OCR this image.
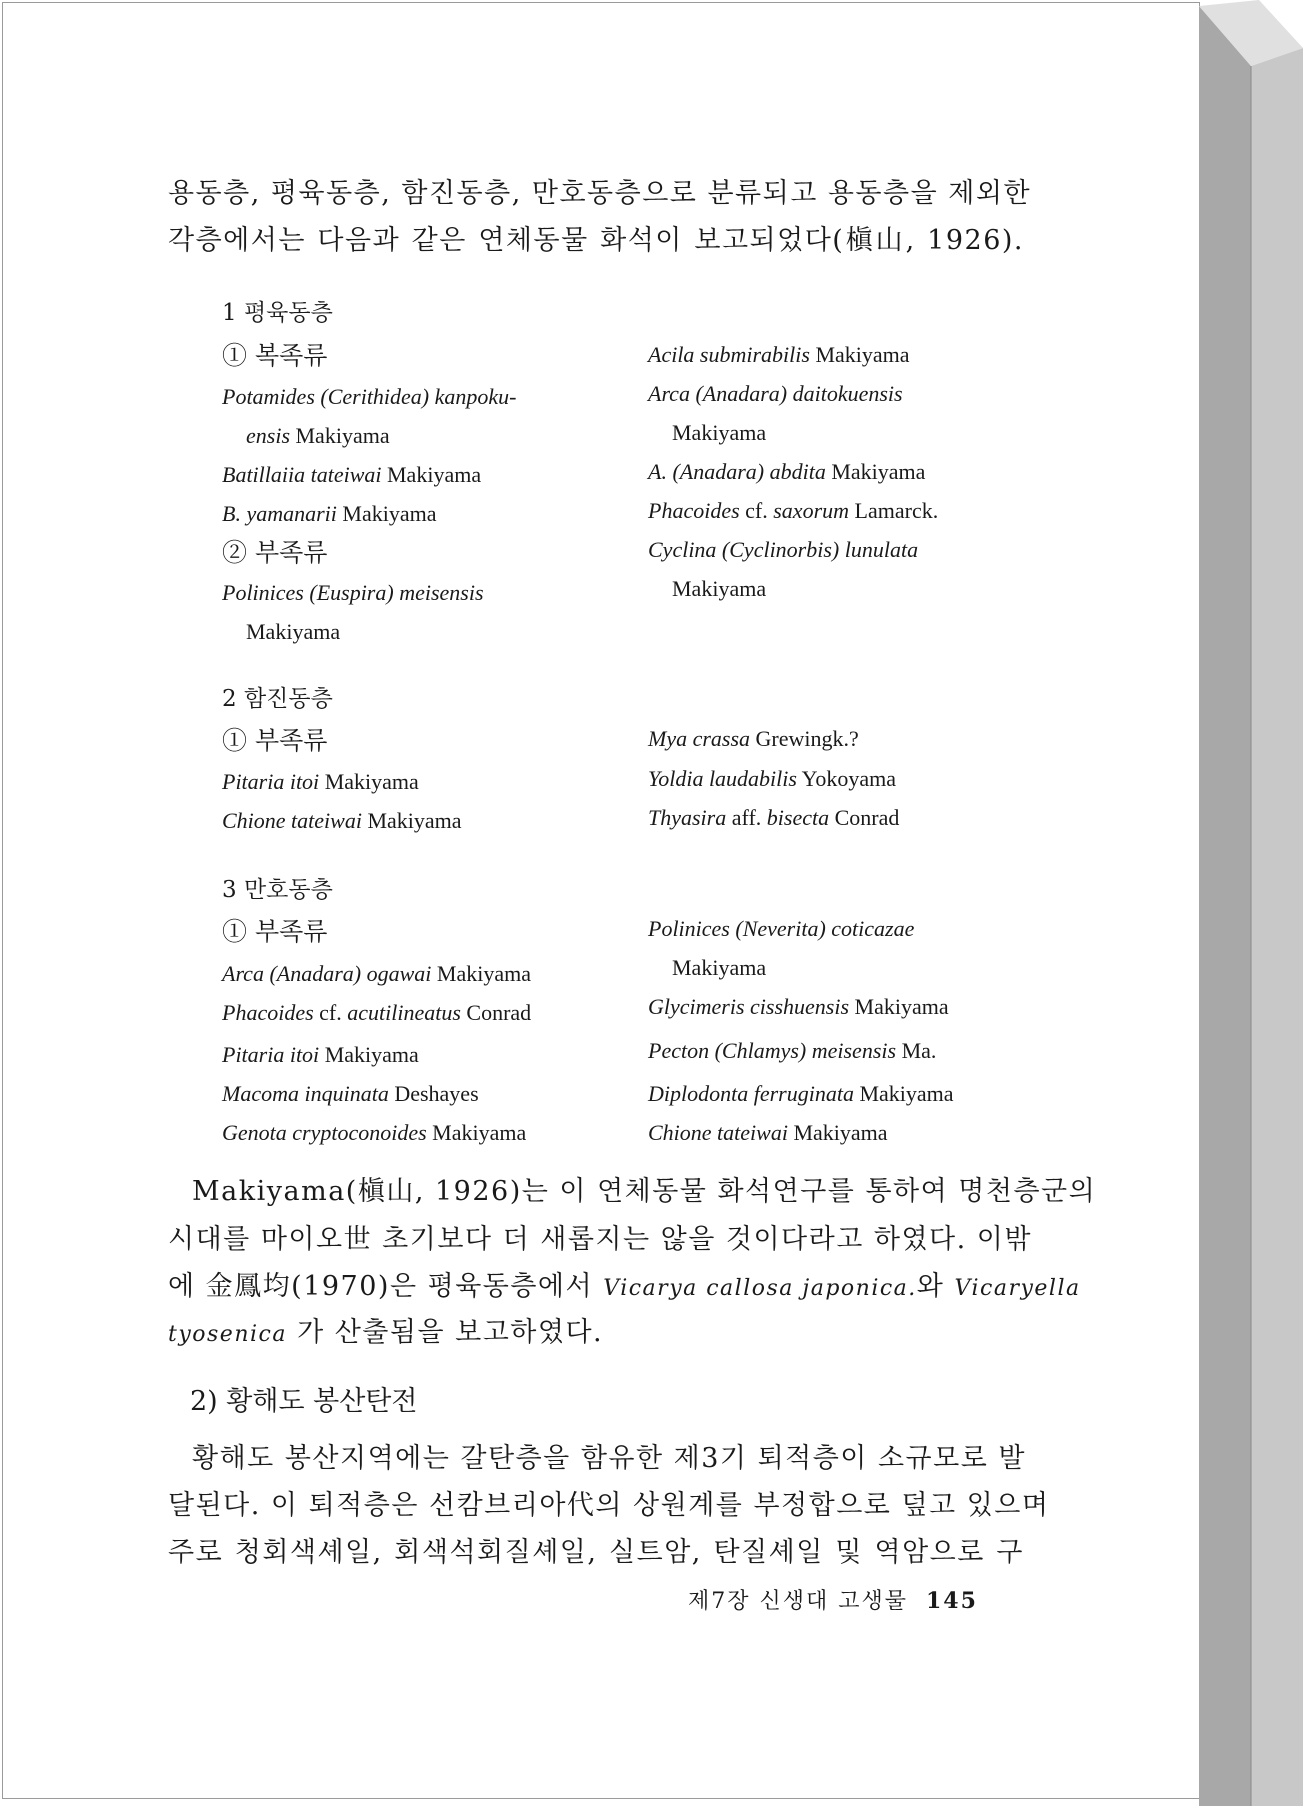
용동층, 평육동층, 함진동층, 만호동층으로 분류되고 용동층을 제외한
각층에서는 다음과 같은 연체동물 화석이 보고되었다(槇山, 1926).
1 평육동층
① 복족류
Potamides (Cerithidea) kanpoku-
ensis Makiyama
Batillaiia tateiwai Makiyama
B. yamanarii Makiyama
② 부족류
Polinices (Euspira) meisensis
Makiyama
Acila submirabilis Makiyama
Arca (Anadara) daitokuensis
Makiyama
A. (Anadara) abdita Makiyama
Phacoides cf. saxorum Lamarck.
Cyclina (Cyclinorbis) lunulata
Makiyama
2 함진동층
① 부족류
Pitaria itoi Makiyama
Chione tateiwai Makiyama
Mya crassa Grewingk.?
Yoldia laudabilis Yokoyama
Thyasira aff. bisecta Conrad
3 만호동층
① 부족류
Arca (Anadara) ogawai Makiyama
Phacoides cf. acutilineatus Conrad
Pitaria itoi Makiyama
Macoma inquinata Deshayes
Genota cryptoconoides Makiyama
Polinices (Neverita) coticazae
Makiyama
Glycimeris cisshuensis Makiyama
Pecton (Chlamys) meisensis Ma.
Diplodonta ferruginata Makiyama
Chione tateiwai Makiyama
Makiyama(槇山, 1926)는 이 연체동물 화석연구를 통하여 명천층군의
시대를 마이오世 초기보다 더 새롭지는 않을 것이다라고 하였다. 이밖
에 金鳳均(1970)은 평육동층에서 Vicarya callosa japonica.와 Vicaryella
tyosenica 가 산출됨을 보고하였다.
2) 황해도 봉산탄전
황해도 봉산지역에는 갈탄층을 함유한 제3기 퇴적층이 소규모로 발
달된다. 이 퇴적층은 선캄브리아代의 상원계를 부정합으로 덮고 있으며
주로 청회색셰일, 회색석회질셰일, 실트암, 탄질셰일 및 역암으로 구
제7장 신생대 고생물 145
